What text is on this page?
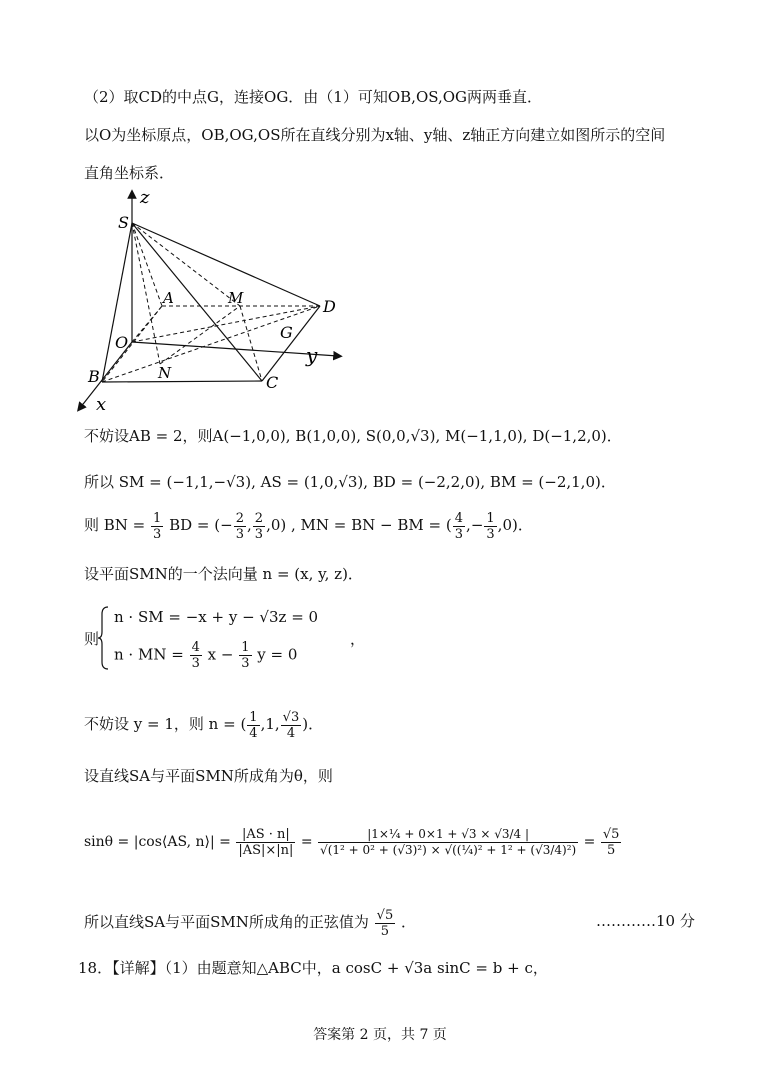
（2）取CD的中点G，连接OG．由（1）可知OB,OS,OG两两垂直．
以O为坐标原点，OB,OG,OS所在直线分别为x轴、y轴、z轴正方向建立如图所示的空间
直角坐标系．
z
S
A	M	D
O
G
y
B	N	C
x
不妨设AB = 2，则A(−1,0,0), B(1,0,0), S(0,0,√3), M(−1,1,0), D(−1,2,0)．
所以 SM = (−1,1,−√3), AS = (1,0,√3), BD = (−2,2,0), BM = (−2,1,0)．
则 BN = $\frac{1}{3}$ BD = (− $\frac{2}{3}$ , $\frac{2}{3} ,0$) , MN = BN − BM = ( $\frac{4}{3}$ ,− $\frac{1}{3} ,0$)．
设平面SMN的一个法向量 n = (x, y, z)．
则
n · SM = −x + y − √3z = 0
n · MN = $\frac{4}{3}$ $x - \frac{1}{3}$ y = 0
，
不妨设 y = 1，则 n = ( $\frac{1}{4} ,1$, $\frac{√3}{4}$ )．
设直线SA与平面SMN所成角为θ，则
sinθ = |cos⟨AS, n⟩| = $\frac{|AS \cdot n|}{|AS|\times|n|} = \frac{\text{|1×¼ + 0×1 + √3 × √3/4 |}}{\text{√(1² + 0² + (√3)²) × √((¼)² + 1² + (√3/4)²)}} = \frac{√5}{5}$
所以直线SA与平面SMN所成角的正弦值为 $\frac{√5}{5}$ ．	…………10 分
18．【详解】（1）由题意知△ABC中，a cosC + √3a sinC = b + c，
答案第 2 页，共 7 页
